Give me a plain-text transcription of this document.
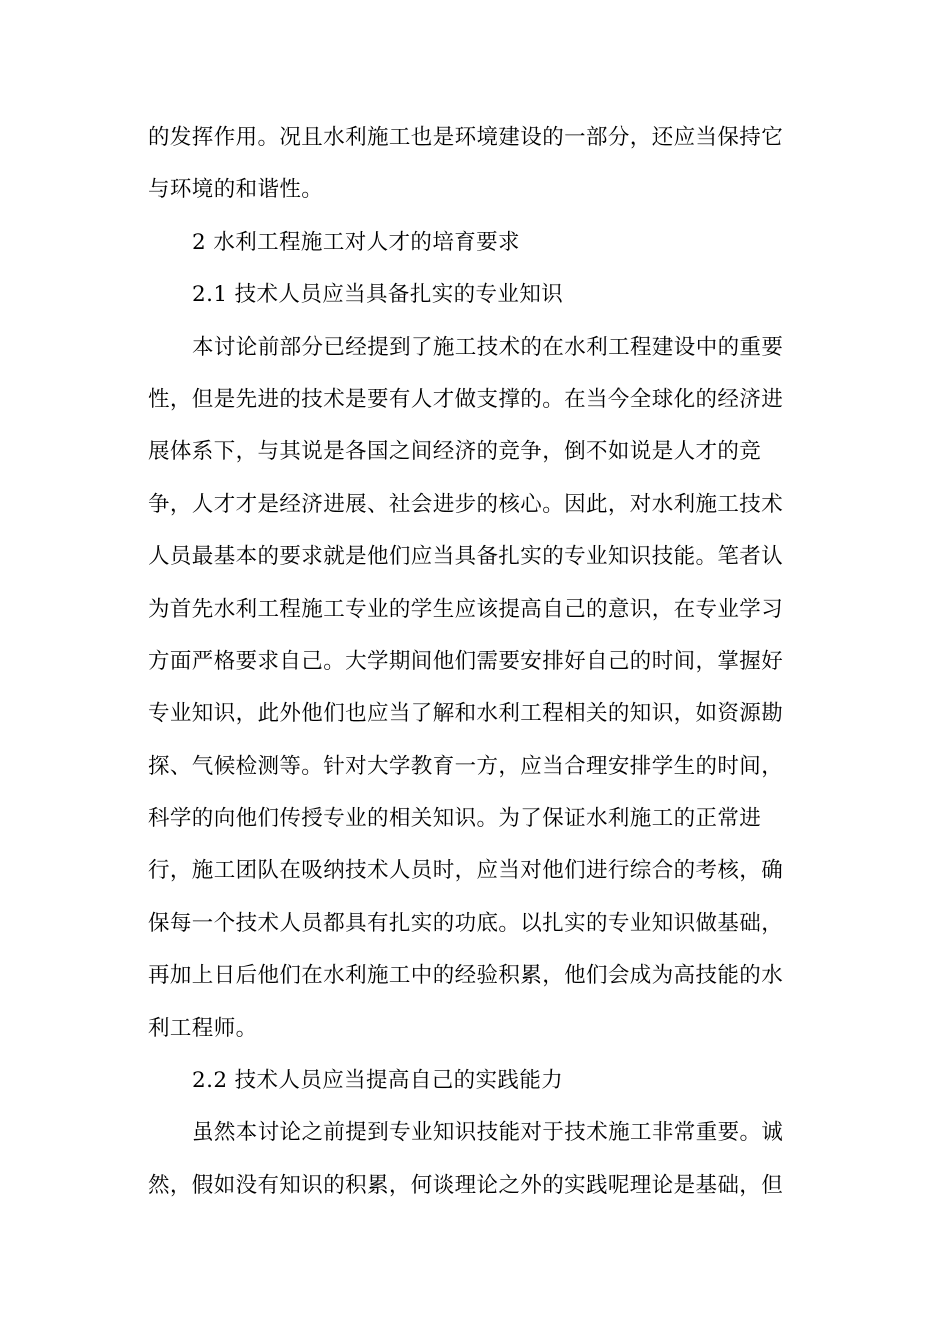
的发挥作用。况且水利施工也是环境建设的一部分，还应当保持它
与环境的和谐性。
2 水利工程施工对人才的培育要求
2.1 技术人员应当具备扎实的专业知识
本讨论前部分已经提到了施工技术的在水利工程建设中的重要
性，但是先进的技术是要有人才做支撑的。在当今全球化的经济进
展体系下，与其说是各国之间经济的竞争，倒不如说是人才的竞
争，人才才是经济进展、社会进步的核心。因此，对水利施工技术
人员最基本的要求就是他们应当具备扎实的专业知识技能。笔者认
为首先水利工程施工专业的学生应该提高自己的意识，在专业学习
方面严格要求自己。大学期间他们需要安排好自己的时间，掌握好
专业知识，此外他们也应当了解和水利工程相关的知识，如资源勘
探、气候检测等。针对大学教育一方，应当合理安排学生的时间，
科学的向他们传授专业的相关知识。为了保证水利施工的正常进
行，施工团队在吸纳技术人员时，应当对他们进行综合的考核，确
保每一个技术人员都具有扎实的功底。以扎实的专业知识做基础，
再加上日后他们在水利施工中的经验积累，他们会成为高技能的水
利工程师。
2.2 技术人员应当提高自己的实践能力
虽然本讨论之前提到专业知识技能对于技术施工非常重要。诚
然，假如没有知识的积累，何谈理论之外的实践呢理论是基础，但
